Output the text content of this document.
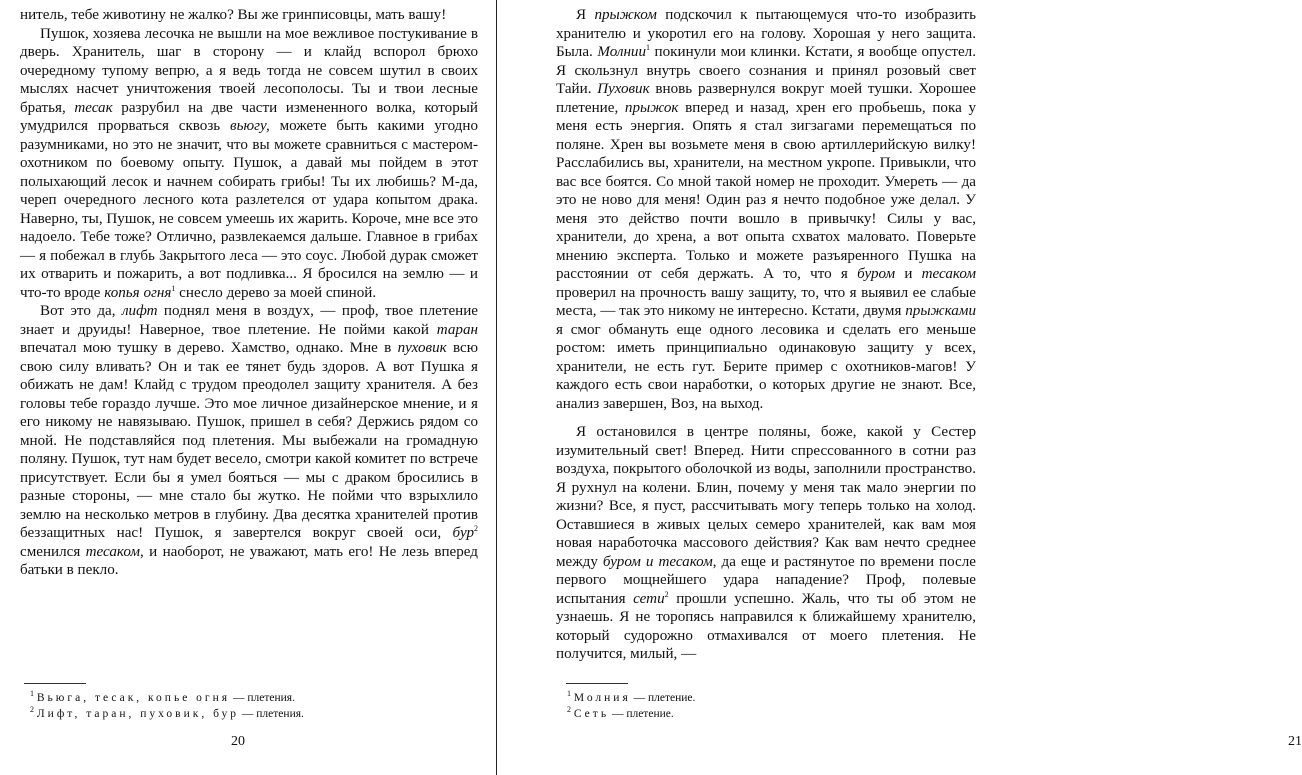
нитель, тебе животину не жалко? Вы же гринписовцы, мать вашу!

Пушок, хозяева лесочка не вышли на мое вежливое постукивание в дверь. Хранитель, шаг в сторону — и клайд вспорол брюхо очередному тупому вепрю, а я ведь тогда не совсем шутил в своих мыслях насчет уничтожения твоей лесополосы. Ты и твои лесные братья, тесак разрубил на две части измененного волка, который умудрился прорваться сквозь вьюгу, можете быть какими угодно разумниками, но это не значит, что вы можете сравниться с мастером-охотником по боевому опыту. Пушок, а давай мы пойдем в этот полыхающий лесок и начнем собирать грибы! Ты их любишь? М-да, череп очередного лесного кота разлетелся от удара копытом драка. Наверно, ты, Пушок, не совсем умеешь их жарить. Короче, мне все это надоело. Тебе тоже? Отлично, развлекаемся дальше. Главное в грибах — я побежал в глубь Закрытого леса — это соус. Любой дурак сможет их отварить и пожарить, а вот подливка... Я бросился на землю — и что-то вроде копья огня$^1$ снесло дерево за моей спиной.

Вот это да, лифт поднял меня в воздух, — проф, твое плетение знает и друиды! Наверное, твое плетение. Не пойми какой таран впечатал мою тушку в дерево. Хамство, однако. Мне в пуховик всю свою силу вливать? Он и так ее тянет будь здоров. А вот Пушка я обижать не дам! Клайд с трудом преодолел защиту хранителя. А без головы тебе гораздо лучше. Это мое личное дизайнерское мнение, и я его никому не навязываю. Пушок, пришел в себя? Держись рядом со мной. Не подставляйся под плетения. Мы выбежали на громадную поляну. Пушок, тут нам будет весело, смотри какой комитет по встрече присутствует. Если бы я умел бояться — мы с драком бросились в разные стороны, — мне стало бы жутко. Не пойми что взрыхлило землю на несколько метров в глубину. Два десятка хранителей против беззащитных нас! Пушок, я завертелся вокруг своей оси, бур$^2$ сменился тесаком, и наоборот, не уважают, мать его! Не лезь вперед батьки в пекло.

$^1$ Вьюга, тесак, копье огня — плетения.
$^2$ Лифт, таран, пуховик, бур — плетения.
20

Я прыжком подскочил к пытающемуся что-то изобразить хранителю и укоротил его на голову. Хорошая у него защита. Была. Молнии$^1$ покинули мои клинки. Кстати, я вообще опустел. Я скользнул внутрь своего сознания и принял розовый свет Тайи. Пуховик вновь развернулся вокруг моей тушки. Хорошее плетение, прыжок вперед и назад, хрен его пробьешь, пока у меня есть энергия. Опять я стал зигзагами перемещаться по поляне. Хрен вы возьмете меня в свою артиллерийскую вилку! Расслабились вы, хранители, на местном укропе. Привыкли, что вас все боятся. Со мной такой номер не проходит. Умереть — да это не ново для меня! Один раз я нечто подобное уже делал. У меня это действо почти вошло в привычку! Силы у вас, хранители, до хрена, а вот опыта схватох маловато. Поверьте мнению эксперта. Только и можете разъяренного Пушка на расстоянии от себя держать. А то, что я буром и тесаком проверил на прочность вашу защиту, то, что я выявил ее слабые места, — так это никому не интересно. Кстати, двумя прыжками я смог обмануть еще одного лесовика и сделать его меньше ростом: иметь принципиально одинаковую защиту у всех, хранители, не есть гут. Берите пример с охотников-магов! У каждого есть свои наработки, о которых другие не знают. Все, анализ завершен, Воз, на выход.

Я остановился в центре поляны, боже, какой у Сестер изумительный свет! Вперед. Нити спрессованного в сотни раз воздуха, покрытого оболочкой из воды, заполнили пространство. Я рухнул на колени. Блин, почему у меня так мало энергии по жизни? Все, я пуст, рассчитывать могу теперь только на холод. Оставшиеся в живых целых семеро хранителей, как вам моя новая наработочка массового действия? Как вам нечто среднее между буром и тесаком, да еще и растянутое по времени после первого мощнейшего удара нападение? Проф, полевые испытания сети$^2$ прошли успешно. Жаль, что ты об этом не узнаешь. Я не торопясь направился к ближайшему хранителю, который судорожно отмахивался от моего плетения. Не получится, милый, —

$^1$ Молния — плетение.
$^2$ Сеть — плетение.
21
